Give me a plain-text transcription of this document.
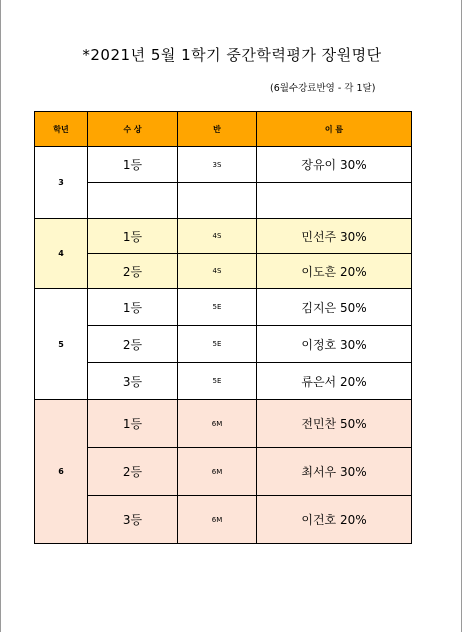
*2021년 5월 1학기 중간학력평가 장원명단
(6월수강료반영 - 각 1달)
학년	수 상	반	이 름
3	1등	3S	장유이 30%

4	1등	4S	민선주 30%
	2등	4S	이도흔 20%
5	1등	5E	김지은 50%
	2등	5E	이정호 30%
	3등	5E	류은서 20%
6	1등	6M	전민찬 50%
	2등	6M	최서우 30%
	3등	6M	이건호 20%
